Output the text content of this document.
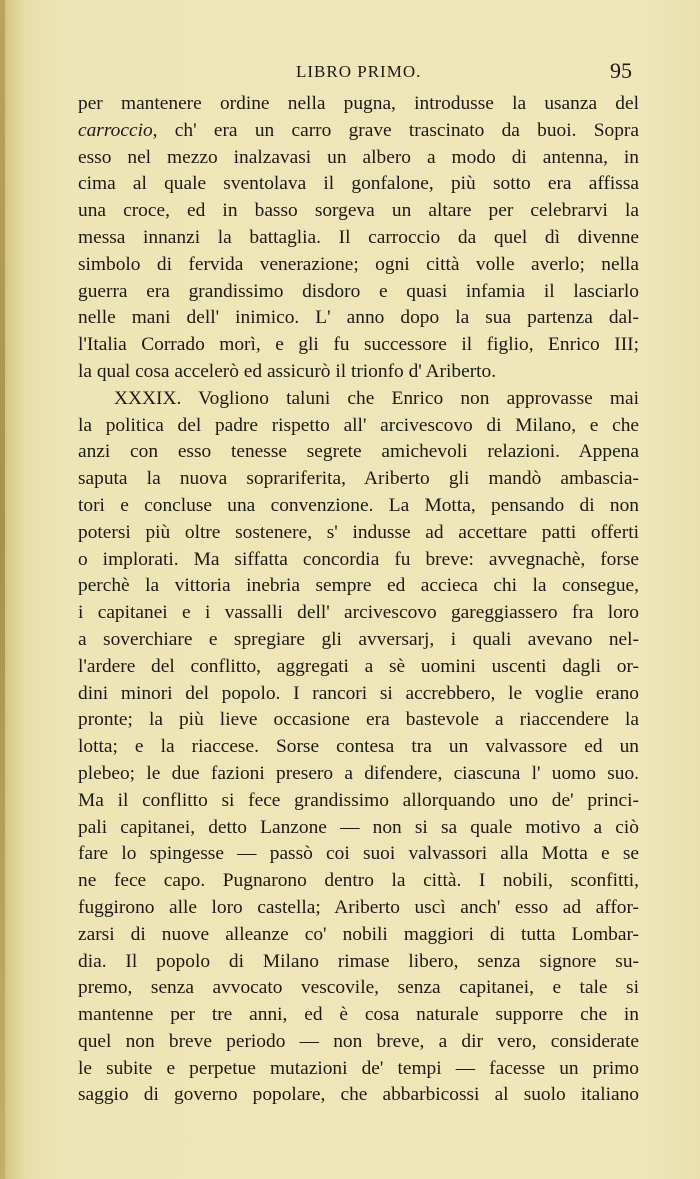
LIBRO PRIMO.	95
per mantenere ordine nella pugna, introdusse la usanza del
carroccio, ch' era un carro grave trascinato da buoi. Sopra
esso nel mezzo inalzavasi un albero a modo di antenna, in
cima al quale sventolava il gonfalone, più sotto era affissa
una croce, ed in basso sorgeva un altare per celebrarvi la
messa innanzi la battaglia. Il carroccio da quel dì divenne
simbolo di fervida venerazione; ogni città volle averlo; nella
guerra era grandissimo disdoro e quasi infamia il lasciarlo
nelle mani dell' inimico. L' anno dopo la sua partenza dal-
l'Italia Corrado morì, e gli fu successore il figlio, Enrico III;
la qual cosa accelerò ed assicurò il trionfo d' Ariberto.
XXXIX. Vogliono taluni che Enrico non approvasse mai
la politica del padre rispetto all' arcivescovo di Milano, e che
anzi con esso tenesse segrete amichevoli relazioni. Appena
saputa la nuova soprariferita, Ariberto gli mandò ambascia-
tori e concluse una convenzione. La Motta, pensando di non
potersi più oltre sostenere, s' indusse ad accettare patti offerti
o implorati. Ma siffatta concordia fu breve: avvegnachè, forse
perchè la vittoria inebria sempre ed accieca chi la consegue,
i capitanei e i vassalli dell' arcivescovo gareggiassero fra loro
a soverchiare e spregiare gli avversarj, i quali avevano nel-
l'ardere del conflitto, aggregati a sè uomini uscenti dagli or-
dini minori del popolo. I rancori si accrebbero, le voglie erano
pronte; la più lieve occasione era bastevole a riaccendere la
lotta; e la riaccese. Sorse contesa tra un valvassore ed un
plebeo; le due fazioni presero a difendere, ciascuna l' uomo suo.
Ma il conflitto si fece grandissimo allorquando uno de' princi-
pali capitanei, detto Lanzone — non si sa quale motivo a ciò
fare lo spingesse — passò coi suoi valvassori alla Motta e se
ne fece capo. Pugnarono dentro la città. I nobili, sconfitti,
fuggirono alle loro castella; Ariberto uscì anch' esso ad affor-
zarsi di nuove alleanze co' nobili maggiori di tutta Lombar-
dia. Il popolo di Milano rimase libero, senza signore su-
premo, senza avvocato vescovile, senza capitanei, e tale si
mantenne per tre anni, ed è cosa naturale supporre che in
quel non breve periodo — non breve, a dir vero, considerate
le subite e perpetue mutazioni de' tempi — facesse un primo
saggio di governo popolare, che abbarbicossi al suolo italiano
